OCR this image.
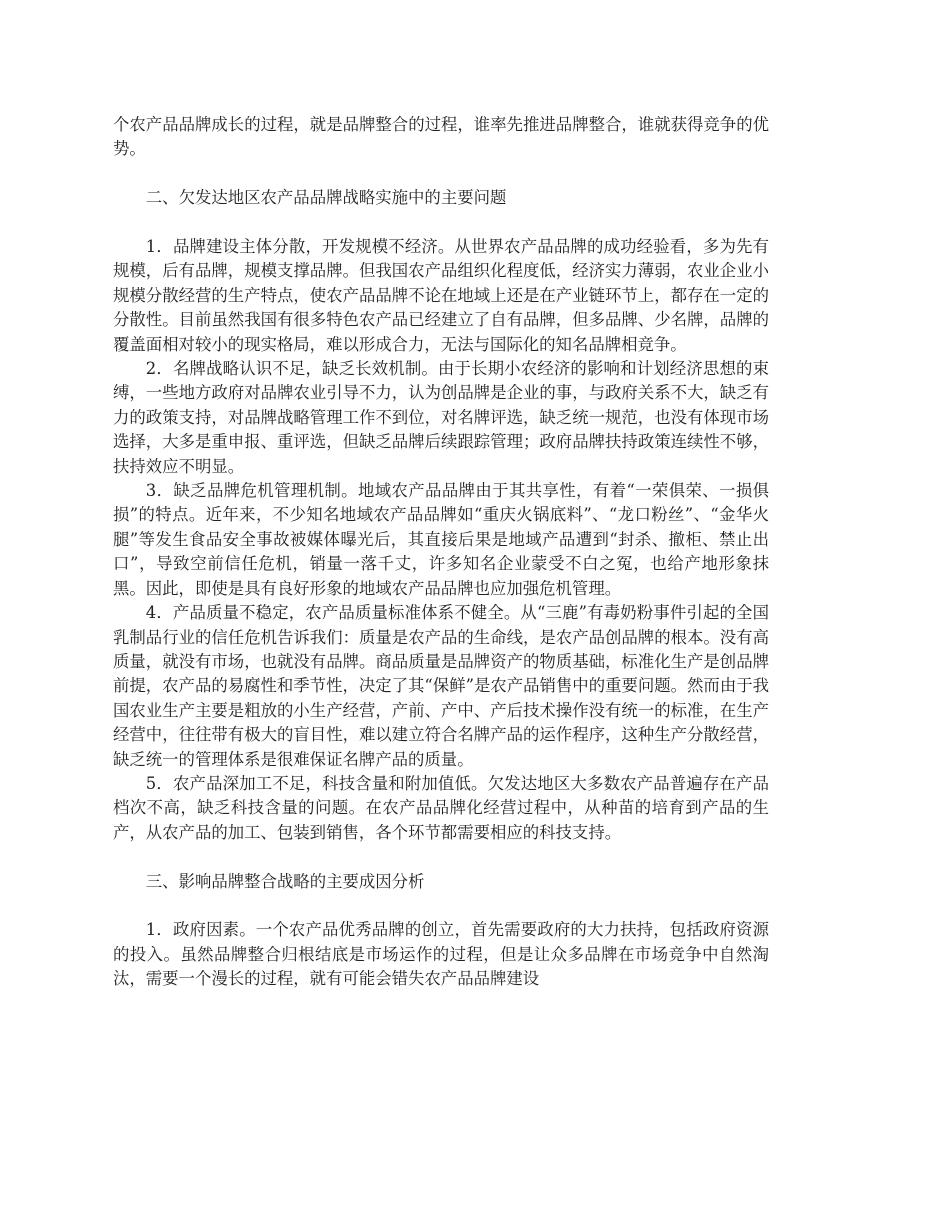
个农产品品牌成长的过程，就是品牌整合的过程，谁率先推进品牌整合，谁就获得竞争的优势。

二、欠发达地区农产品品牌战略实施中的主要问题

1．品牌建设主体分散，开发规模不经济。从世界农产品品牌的成功经验看，多为先有规模，后有品牌，规模支撑品牌。但我国农产品组织化程度低，经济实力薄弱，农业企业小规模分散经营的生产特点，使农产品品牌不论在地域上还是在产业链环节上，都存在一定的分散性。目前虽然我国有很多特色农产品已经建立了自有品牌，但多品牌、少名牌，品牌的覆盖面相对较小的现实格局，难以形成合力，无法与国际化的知名品牌相竞争。

2．名牌战略认识不足，缺乏长效机制。由于长期小农经济的影响和计划经济思想的束缚，一些地方政府对品牌农业引导不力，认为创品牌是企业的事，与政府关系不大，缺乏有力的政策支持，对品牌战略管理工作不到位，对名牌评选，缺乏统一规范，也没有体现市场选择，大多是重申报、重评选，但缺乏品牌后续跟踪管理；政府品牌扶持政策连续性不够，扶持效应不明显。

3．缺乏品牌危机管理机制。地域农产品品牌由于其共享性，有着“一荣俱荣、一损俱损”的特点。近年来，不少知名地域农产品品牌如“重庆火锅底料”、“龙口粉丝”、“金华火腿”等发生食品安全事故被媒体曝光后，其直接后果是地域产品遭到“封杀、撤柜、禁止出口”，导致空前信任危机，销量一落千丈，许多知名企业蒙受不白之冤，也给产地形象抹黑。因此，即使是具有良好形象的地域农产品品牌也应加强危机管理。

4．产品质量不稳定，农产品质量标准体系不健全。从“三鹿”有毒奶粉事件引起的全国乳制品行业的信任危机告诉我们：质量是农产品的生命线，是农产品创品牌的根本。没有高质量，就没有市场，也就没有品牌。商品质量是品牌资产的物质基础，标准化生产是创品牌前提，农产品的易腐性和季节性，决定了其“保鲜”是农产品销售中的重要问题。然而由于我国农业生产主要是粗放的小生产经营，产前、产中、产后技术操作没有统一的标准，在生产经营中，往往带有极大的盲目性，难以建立符合名牌产品的运作程序，这种生产分散经营，缺乏统一的管理体系是很难保证名牌产品的质量。

5．农产品深加工不足，科技含量和附加值低。欠发达地区大多数农产品普遍存在产品档次不高，缺乏科技含量的问题。在农产品品牌化经营过程中，从种苗的培育到产品的生产，从农产品的加工、包装到销售，各个环节都需要相应的科技支持。

三、影响品牌整合战略的主要成因分析

1．政府因素。一个农产品优秀品牌的创立，首先需要政府的大力扶持，包括政府资源的投入。虽然品牌整合归根结底是市场运作的过程，但是让众多品牌在市场竞争中自然淘汰，需要一个漫长的过程，就有可能会错失农产品品牌建设
